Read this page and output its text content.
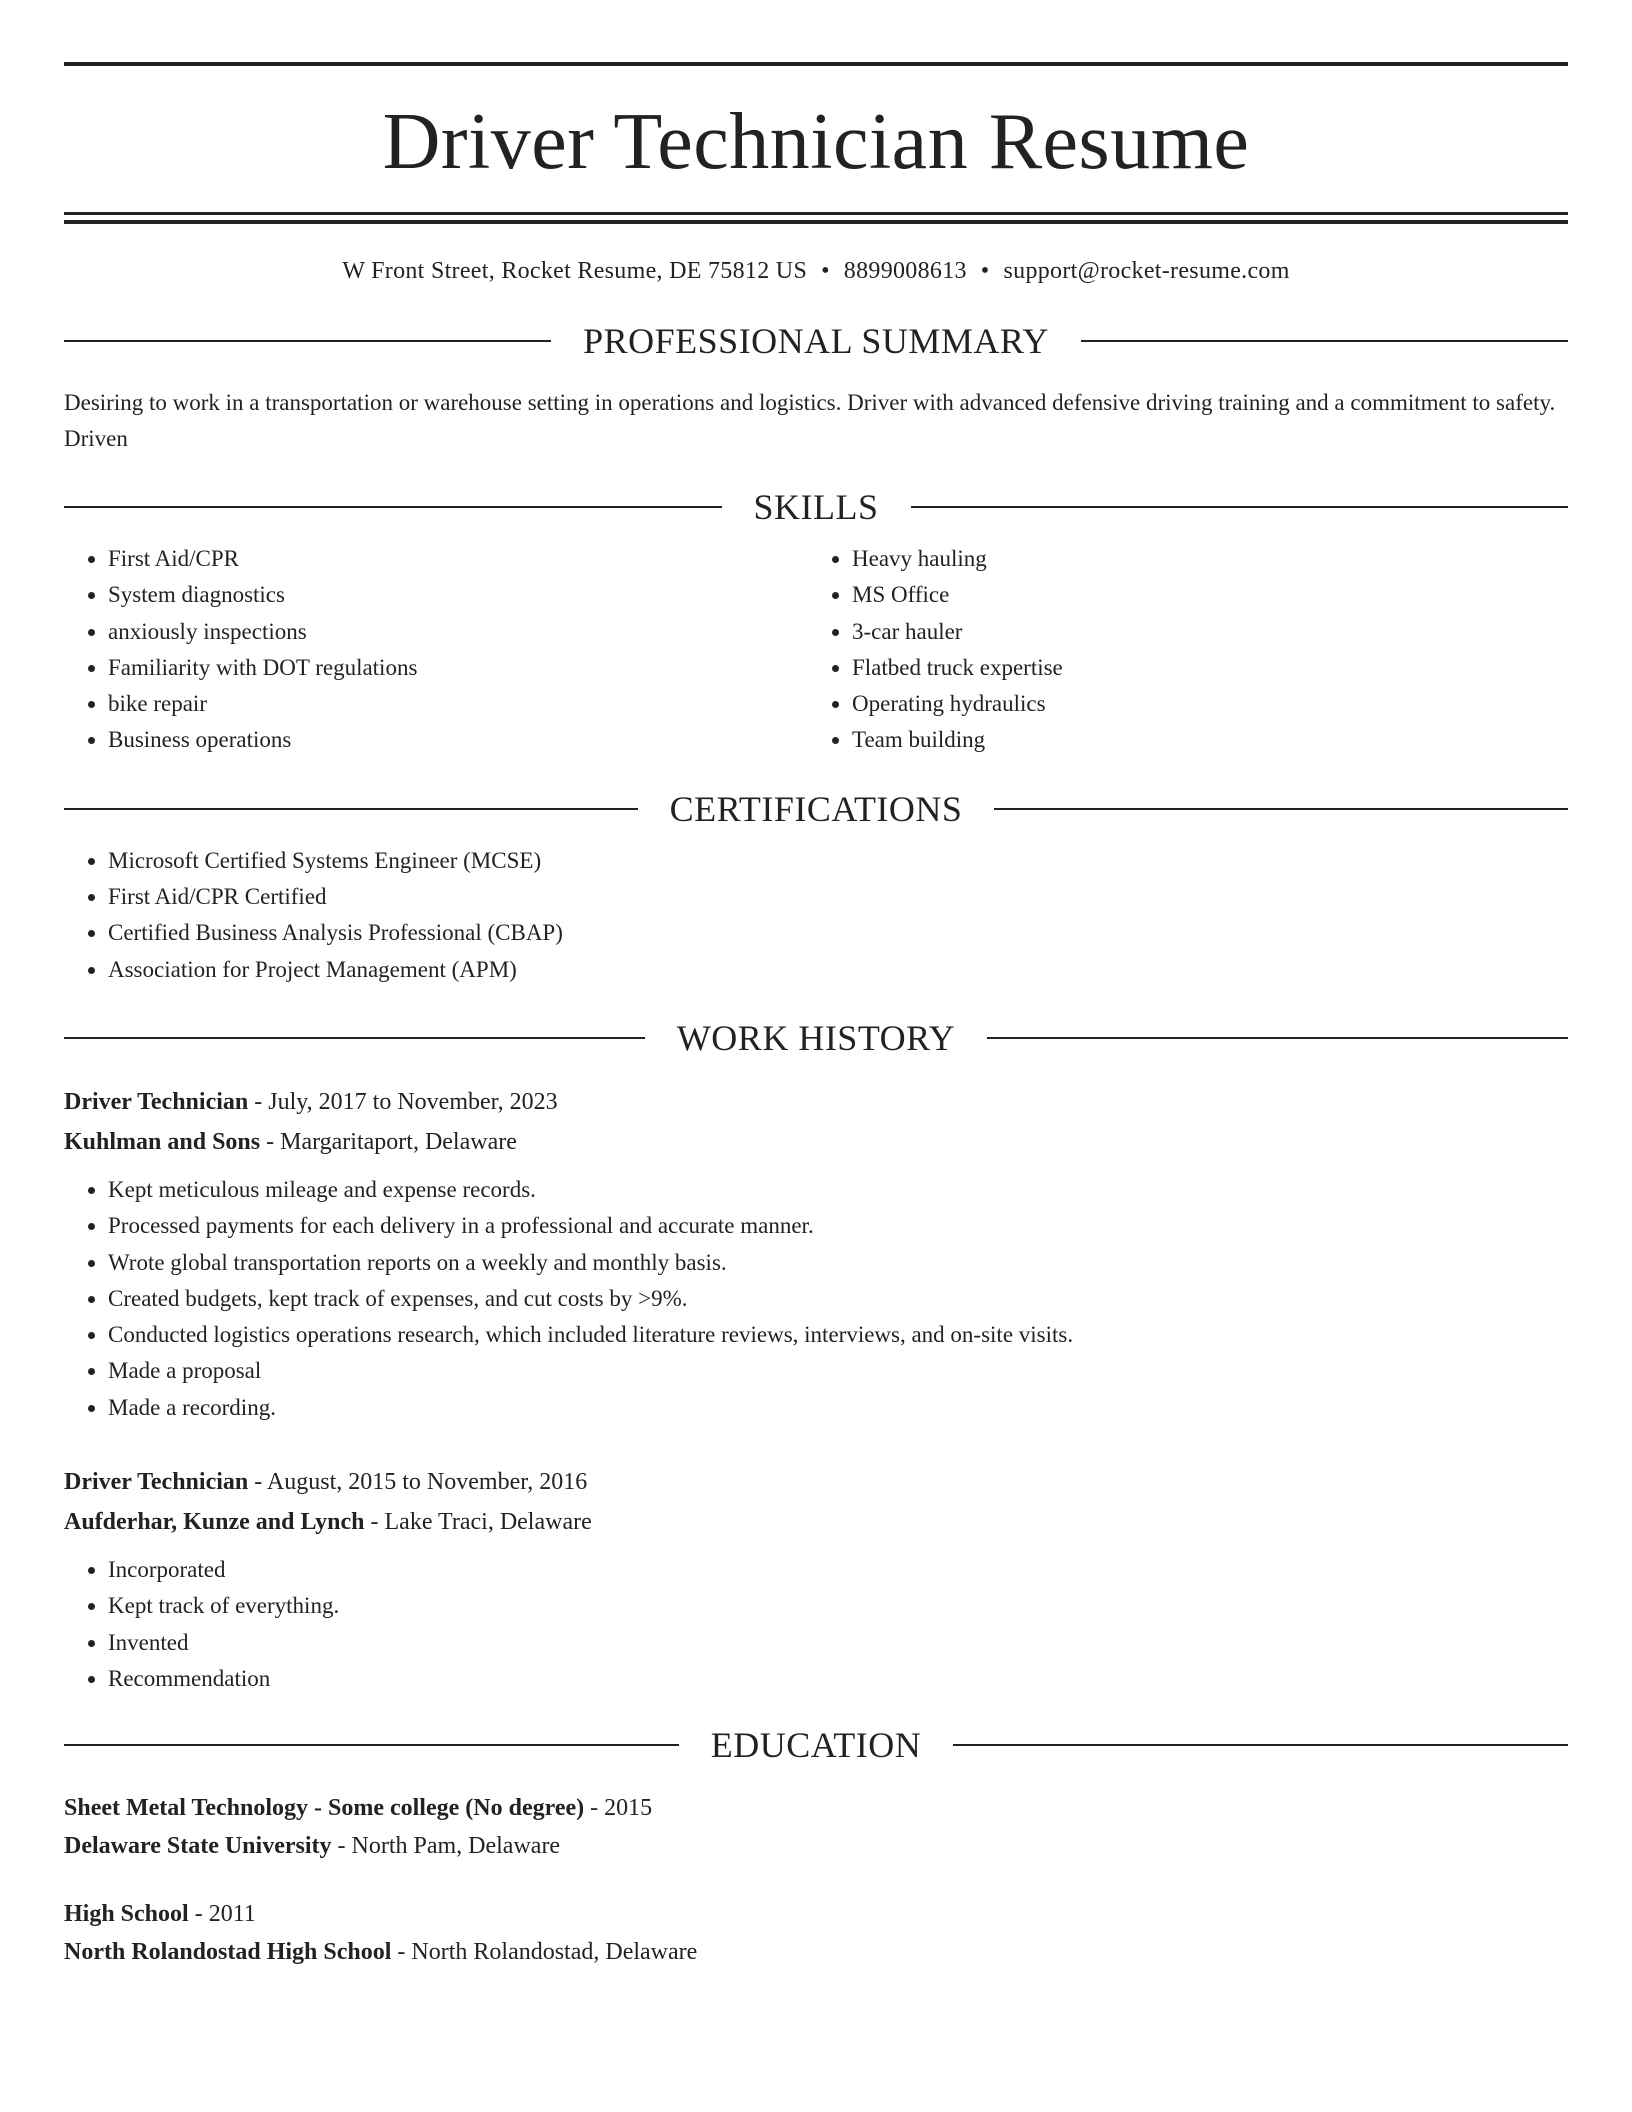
Driver Technician Resume
W Front Street, Rocket Resume, DE 75812 US • 8899008613 • support@rocket-resume.com
PROFESSIONAL SUMMARY

Desiring to work in a transportation or warehouse setting in operations and logistics. Driver with advanced defensive driving training and a commitment to safety. Driven

SKILLS
• First Aid/CPR
• System diagnostics
• anxiously inspections
• Familiarity with DOT regulations
• bike repair
• Business operations
• Heavy hauling
• MS Office
• 3-car hauler
• Flatbed truck expertise
• Operating hydraulics
• Team building
CERTIFICATIONS
• Microsoft Certified Systems Engineer (MCSE)
• First Aid/CPR Certified
• Certified Business Analysis Professional (CBAP)
• Association for Project Management (APM)
WORK HISTORY
Driver Technician - July, 2017 to November, 2023
Kuhlman and Sons - Margaritaport, Delaware
• Kept meticulous mileage and expense records.
• Processed payments for each delivery in a professional and accurate manner.
• Wrote global transportation reports on a weekly and monthly basis.
• Created budgets, kept track of expenses, and cut costs by >9%.
• Conducted logistics operations research, which included literature reviews, interviews, and on-site visits.
• Made a proposal
• Made a recording.
Driver Technician - August, 2015 to November, 2016
Aufderhar, Kunze and Lynch - Lake Traci, Delaware
• Incorporated
• Kept track of everything.
• Invented
• Recommendation
EDUCATION
Sheet Metal Technology - Some college (No degree) - 2015
Delaware State University - North Pam, Delaware
High School - 2011
North Rolandostad High School - North Rolandostad, Delaware
